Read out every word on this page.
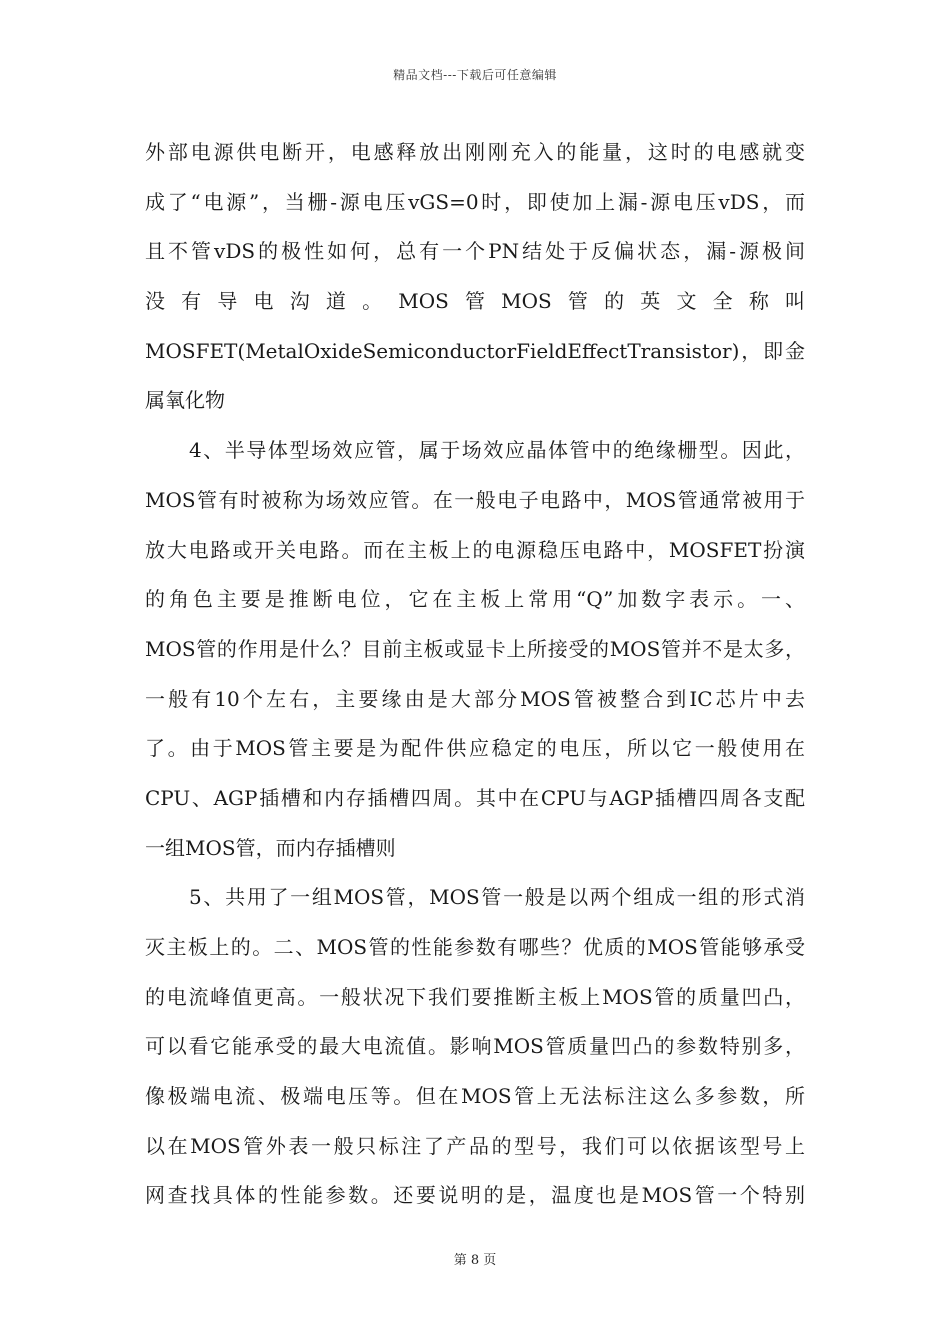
精品文档---下载后可任意编辑
外部电源供电断开，电感释放出刚刚充入的能量，这时的电感就变
成了“电源”，当栅-源电压vGS=0时，即使加上漏-源电压vDS，而
且不管vDS的极性如何，总有一个PN结处于反偏状态，漏-源极间
没有导电沟道。MOS管MOS管的英文全称叫
MOSFET(MetalOxideSemiconductorFieldEffectTransistor)，即金
属氧化物
4、半导体型场效应管，属于场效应晶体管中的绝缘栅型。因此，
MOS管有时被称为场效应管。在一般电子电路中，MOS管通常被用于
放大电路或开关电路。而在主板上的电源稳压电路中，MOSFET扮演
的角色主要是推断电位，它在主板上常用“Q”加数字表示。一、
MOS管的作用是什么？目前主板或显卡上所接受的MOS管并不是太多，
一般有10个左右，主要缘由是大部分MOS管被整合到IC芯片中去
了。由于MOS管主要是为配件供应稳定的电压，所以它一般使用在
CPU、AGP插槽和内存插槽四周。其中在CPU与AGP插槽四周各支配
一组MOS管，而内存插槽则
5、共用了一组MOS管，MOS管一般是以两个组成一组的形式消
灭主板上的。二、MOS管的性能参数有哪些？优质的MOS管能够承受
的电流峰值更高。一般状况下我们要推断主板上MOS管的质量凹凸，
可以看它能承受的最大电流值。影响MOS管质量凹凸的参数特别多，
像极端电流、极端电压等。但在MOS管上无法标注这么多参数，所
以在MOS管外表一般只标注了产品的型号，我们可以依据该型号上
网查找具体的性能参数。还要说明的是，温度也是MOS管一个特别
第 8 页
